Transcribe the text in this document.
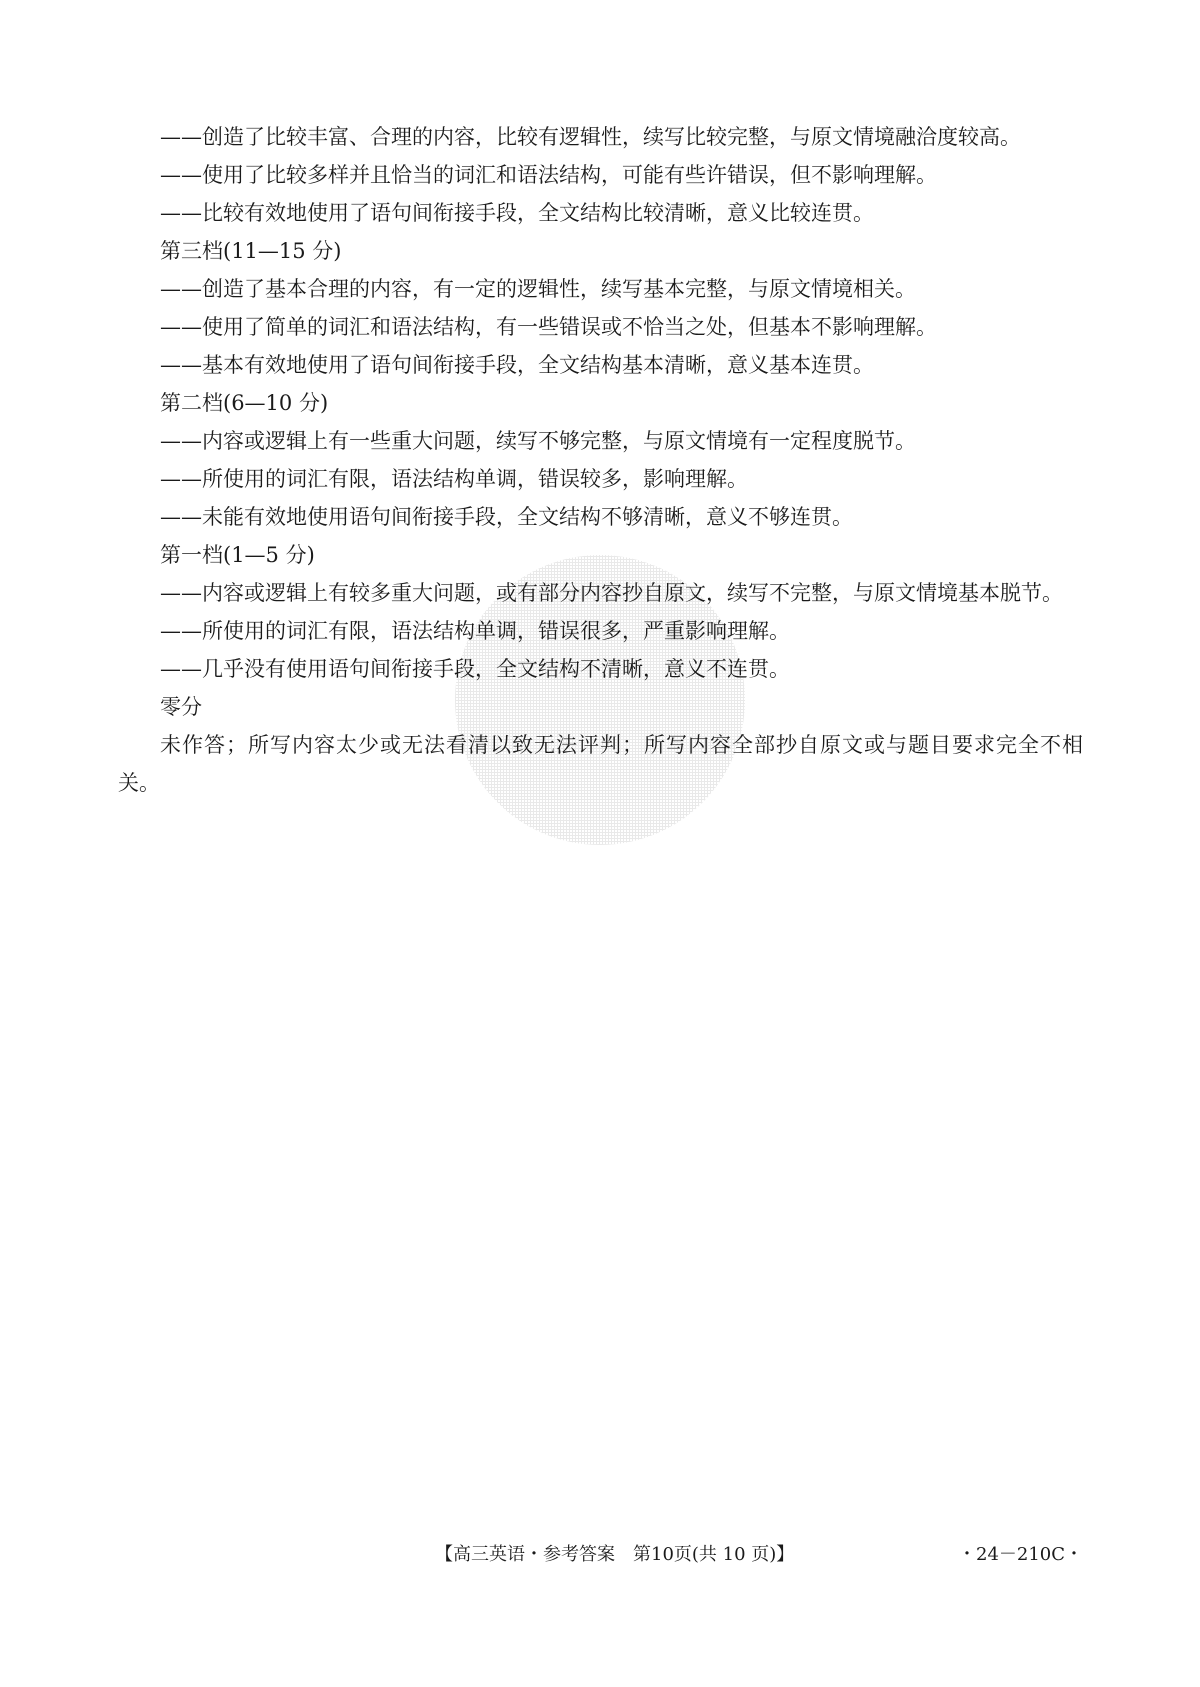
——创造了比较丰富、合理的内容，比较有逻辑性，续写比较完整，与原文情境融洽度较高。

——使用了比较多样并且恰当的词汇和语法结构，可能有些许错误，但不影响理解。

——比较有效地使用了语句间衔接手段，全文结构比较清晰，意义比较连贯。

第三档(11—15 分)

——创造了基本合理的内容，有一定的逻辑性，续写基本完整，与原文情境相关。

——使用了简单的词汇和语法结构，有一些错误或不恰当之处，但基本不影响理解。

——基本有效地使用了语句间衔接手段，全文结构基本清晰，意义基本连贯。

第二档(6—10 分)

——内容或逻辑上有一些重大问题，续写不够完整，与原文情境有一定程度脱节。

——所使用的词汇有限，语法结构单调，错误较多，影响理解。

——未能有效地使用语句间衔接手段，全文结构不够清晰，意义不够连贯。

第一档(1—5 分)

——内容或逻辑上有较多重大问题，或有部分内容抄自原文，续写不完整，与原文情境基本脱节。

——所使用的词汇有限，语法结构单调，错误很多，严重影响理解。

——几乎没有使用语句间衔接手段，全文结构不清晰，意义不连贯。

零分

未作答；所写内容太少或无法看清以致无法评判；所写内容全部抄自原文或与题目要求完全不相关。

【高三英语・参考答案　第10页(共 10 页)】	・24－210C・
